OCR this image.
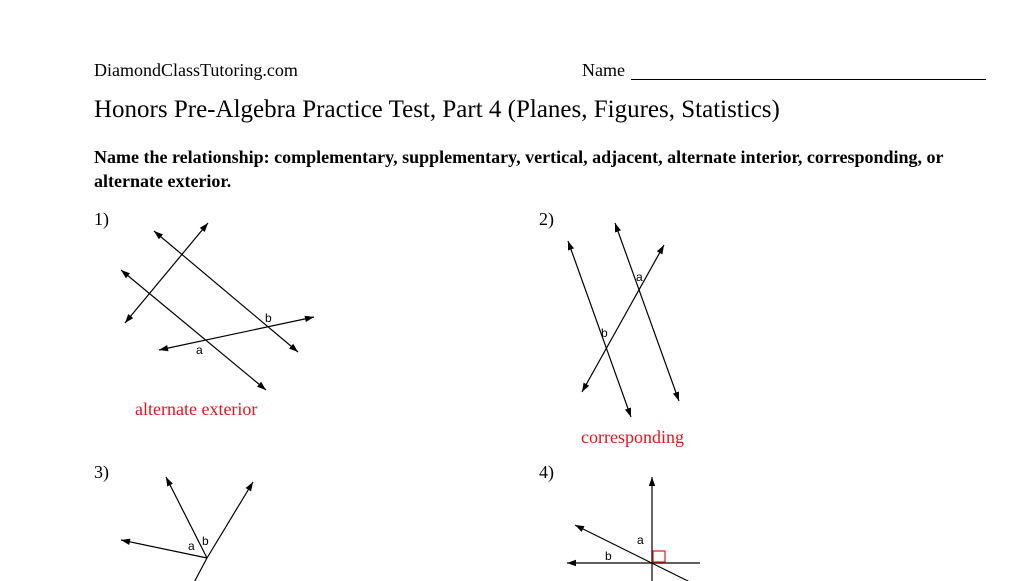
DiamondClassTutoring.com	Name
Honors Pre-Algebra Practice Test, Part 4 (Planes, Figures, Statistics)
Name the relationship: complementary, supplementary, vertical, adjacent, alternate interior, corresponding, or alternate exterior.
1)	2)
3)	4)
alternate exterior
corresponding
b
a
a
b
a b	a
b
